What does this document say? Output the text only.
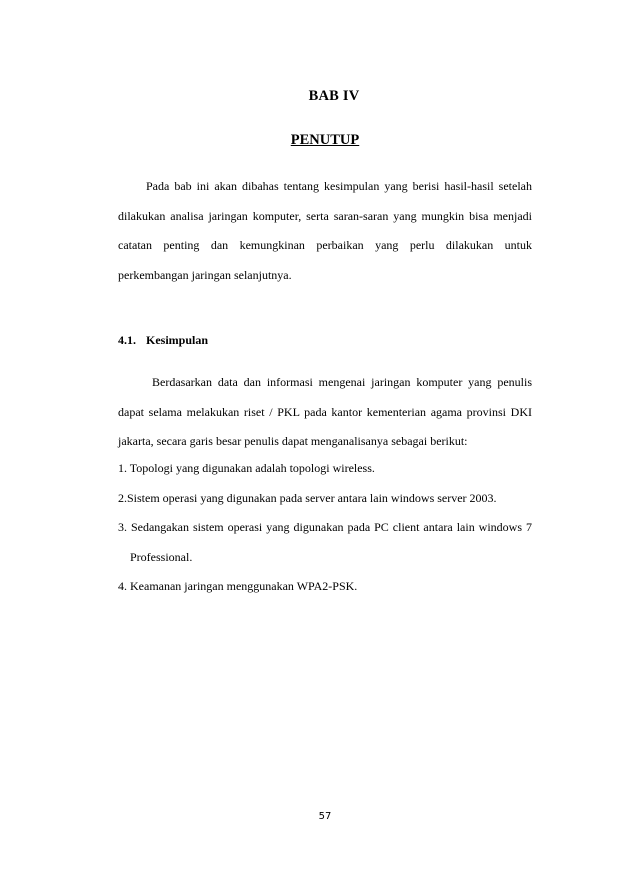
BAB IV
PENUTUP

Pada bab ini akan dibahas tentang kesimpulan yang berisi hasil-hasil setelah dilakukan analisa jaringan komputer, serta saran-saran yang mungkin bisa menjadi catatan penting dan kemungkinan perbaikan yang perlu dilakukan untuk perkembangan jaringan selanjutnya.

4.1. Kesimpulan

Berdasarkan data dan informasi mengenai jaringan komputer yang penulis dapat selama melakukan riset / PKL pada kantor kementerian agama provinsi DKI jakarta, secara garis besar penulis dapat menganalisanya sebagai berikut:

1. Topologi yang digunakan adalah topologi wireless.
2.Sistem operasi yang digunakan pada server antara lain windows server 2003.
3. Sedangakan sistem operasi yang digunakan pada PC client antara lain windows 7 Professional.
4. Keamanan jaringan menggunakan WPA2-PSK.
57
